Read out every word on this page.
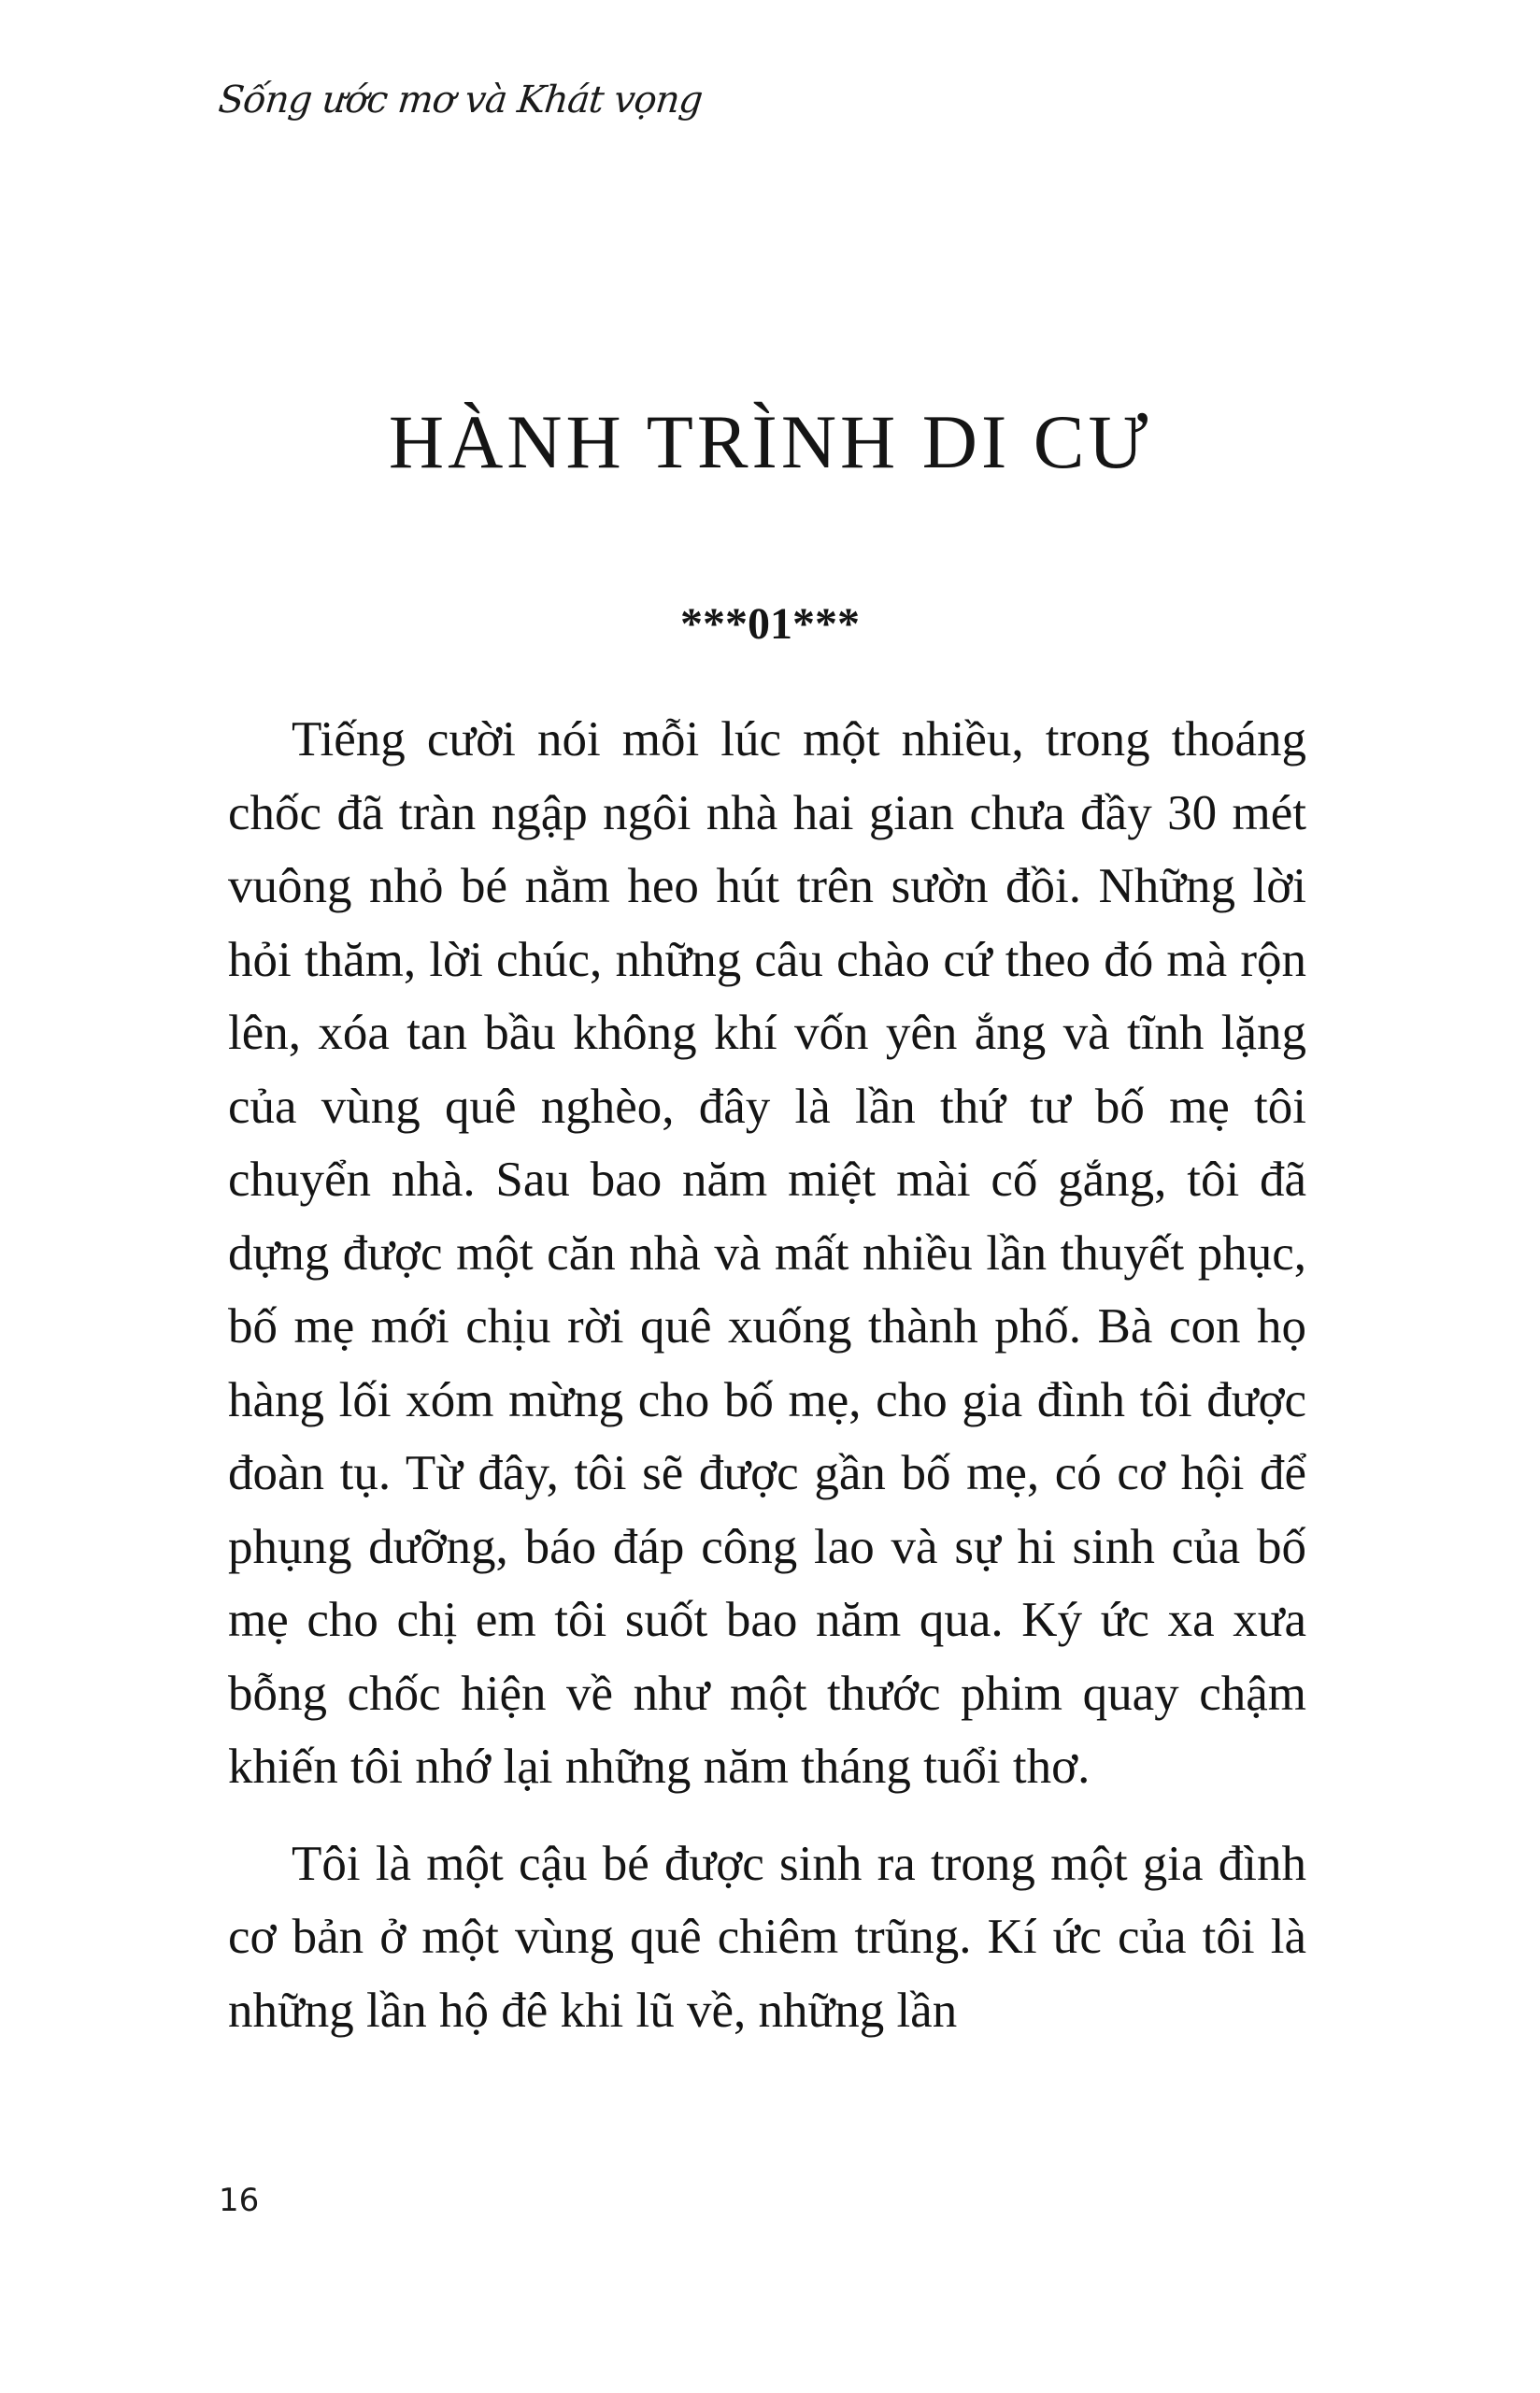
Sống ước mơ và Khát vọng
HÀNH TRÌNH DI CƯ
***01***

Tiếng cười nói mỗi lúc một nhiều, trong thoáng chốc đã tràn ngập ngôi nhà hai gian chưa đầy 30 mét vuông nhỏ bé nằm heo hút trên sườn đồi. Những lời hỏi thăm, lời chúc, những câu chào cứ theo đó mà rộn lên, xóa tan bầu không khí vốn yên ắng và tĩnh lặng của vùng quê nghèo, đây là lần thứ tư bố mẹ tôi chuyển nhà. Sau bao năm miệt mài cố gắng, tôi đã dựng được một căn nhà và mất nhiều lần thuyết phục, bố mẹ mới chịu rời quê xuống thành phố. Bà con họ hàng lối xóm mừng cho bố mẹ, cho gia đình tôi được đoàn tụ. Từ đây, tôi sẽ được gần bố mẹ, có cơ hội để phụng dưỡng, báo đáp công lao và sự hi sinh của bố mẹ cho chị em tôi suốt bao năm qua. Ký ức xa xưa bỗng chốc hiện về như một thước phim quay chậm khiến tôi nhớ lại những năm tháng tuổi thơ.

Tôi là một cậu bé được sinh ra trong một gia đình cơ bản ở một vùng quê chiêm trũng. Kí ức của tôi là những lần hộ đê khi lũ về, những lần

16
